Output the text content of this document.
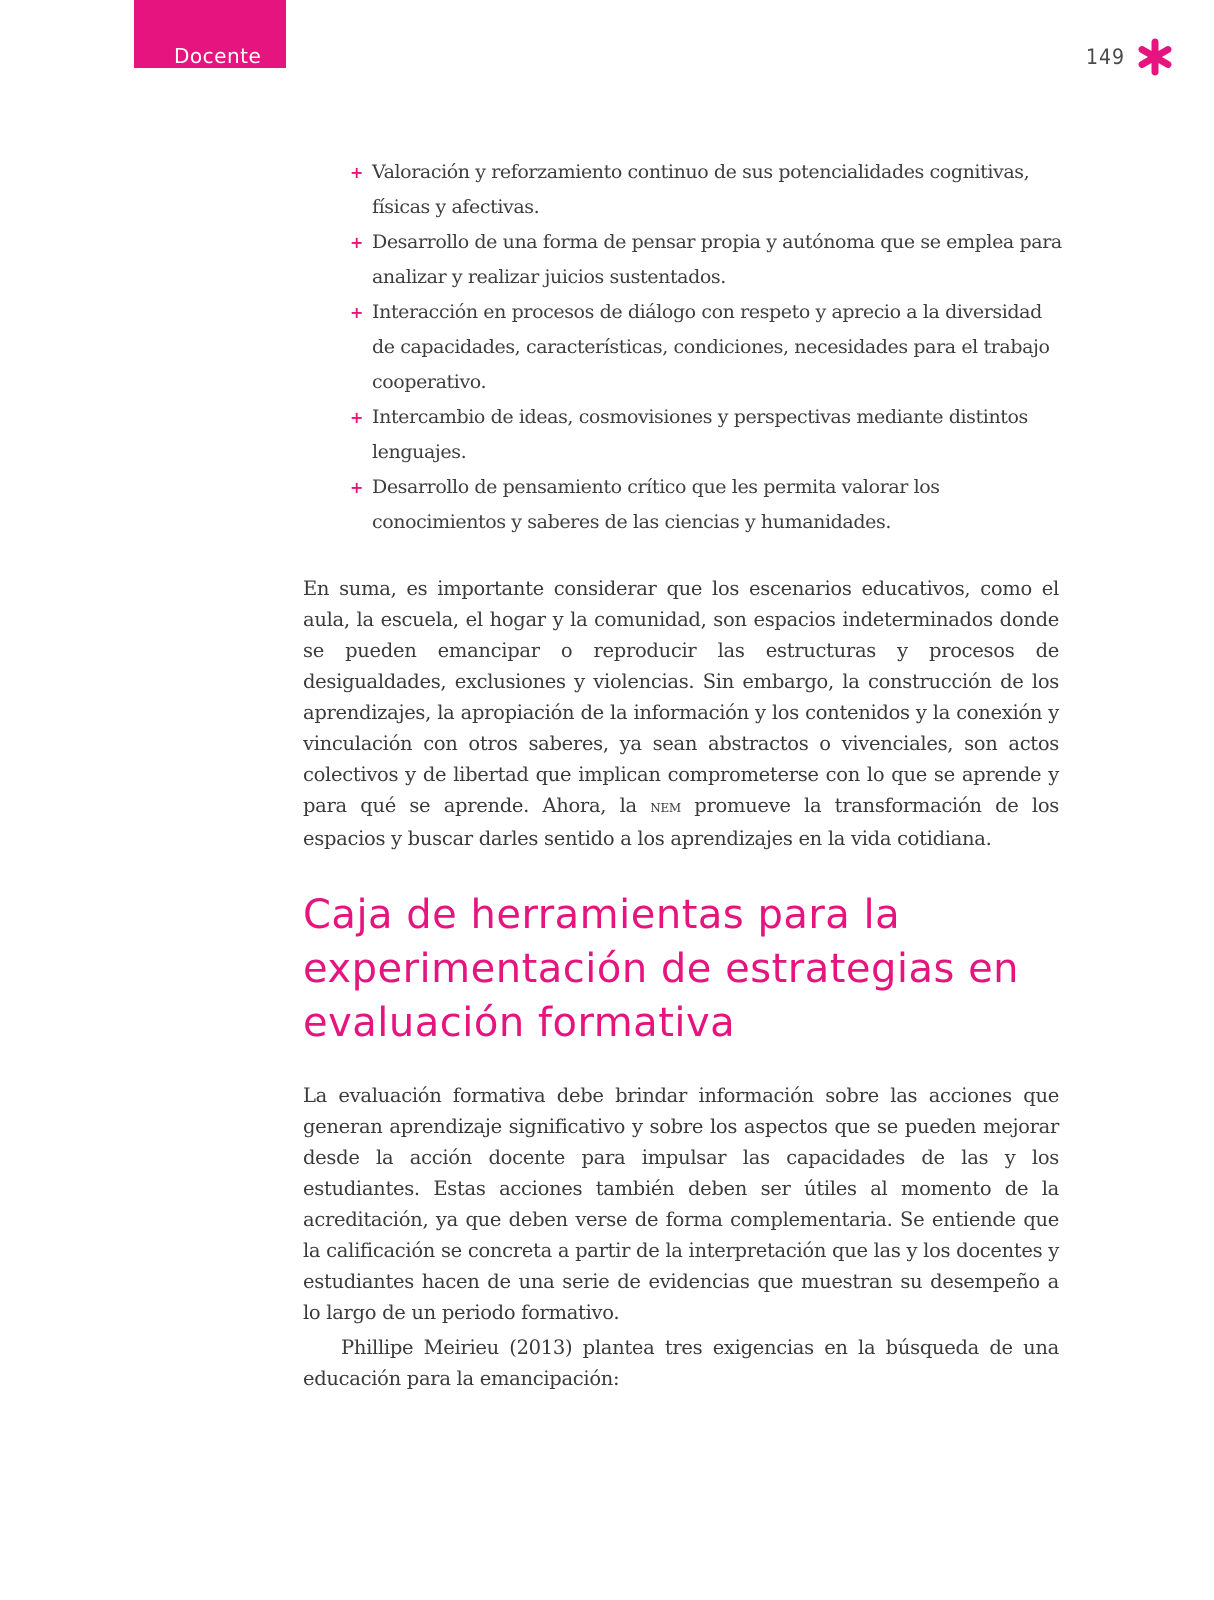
Docente	149
+ Valoración y reforzamiento continuo de sus potencialidades cognitivas, físicas y afectivas.
+ Desarrollo de una forma de pensar propia y autónoma que se emplea para analizar y realizar juicios sustentados.
+ Interacción en procesos de diálogo con respeto y aprecio a la diversidad de capacidades, características, condiciones, necesidades para el trabajo cooperativo.
+ Intercambio de ideas, cosmovisiones y perspectivas mediante distintos lenguajes.
+ Desarrollo de pensamiento crítico que les permita valorar los conocimientos y saberes de las ciencias y humanidades.

En suma, es importante considerar que los escenarios educativos, como el aula, la escuela, el hogar y la comunidad, son espacios indeterminados donde se pueden emancipar o reproducir las estructuras y procesos de desigualdades, exclusiones y violencias. Sin embargo, la construcción de los aprendizajes, la apropiación de la información y los contenidos y la conexión y vinculación con otros saberes, ya sean abstractos o vivenciales, son actos colectivos y de libertad que implican comprometerse con lo que se aprende y para qué se aprende. Ahora, la nem promueve la transformación de los espacios y buscar darles sentido a los aprendizajes en la vida cotidiana.

Caja de herramientas para la experimentación de estrategias en evaluación formativa

La evaluación formativa debe brindar información sobre las acciones que generan aprendizaje significativo y sobre los aspectos que se pueden mejorar desde la acción docente para impulsar las capacidades de las y los estudiantes. Estas acciones también deben ser útiles al momento de la acreditación, ya que deben verse de forma complementaria. Se entiende que la calificación se concreta a partir de la interpretación que las y los docentes y estudiantes hacen de una serie de evidencias que muestran su desempeño a lo largo de un periodo formativo.

Phillipe Meirieu (2013) plantea tres exigencias en la búsqueda de una educación para la emancipación:
